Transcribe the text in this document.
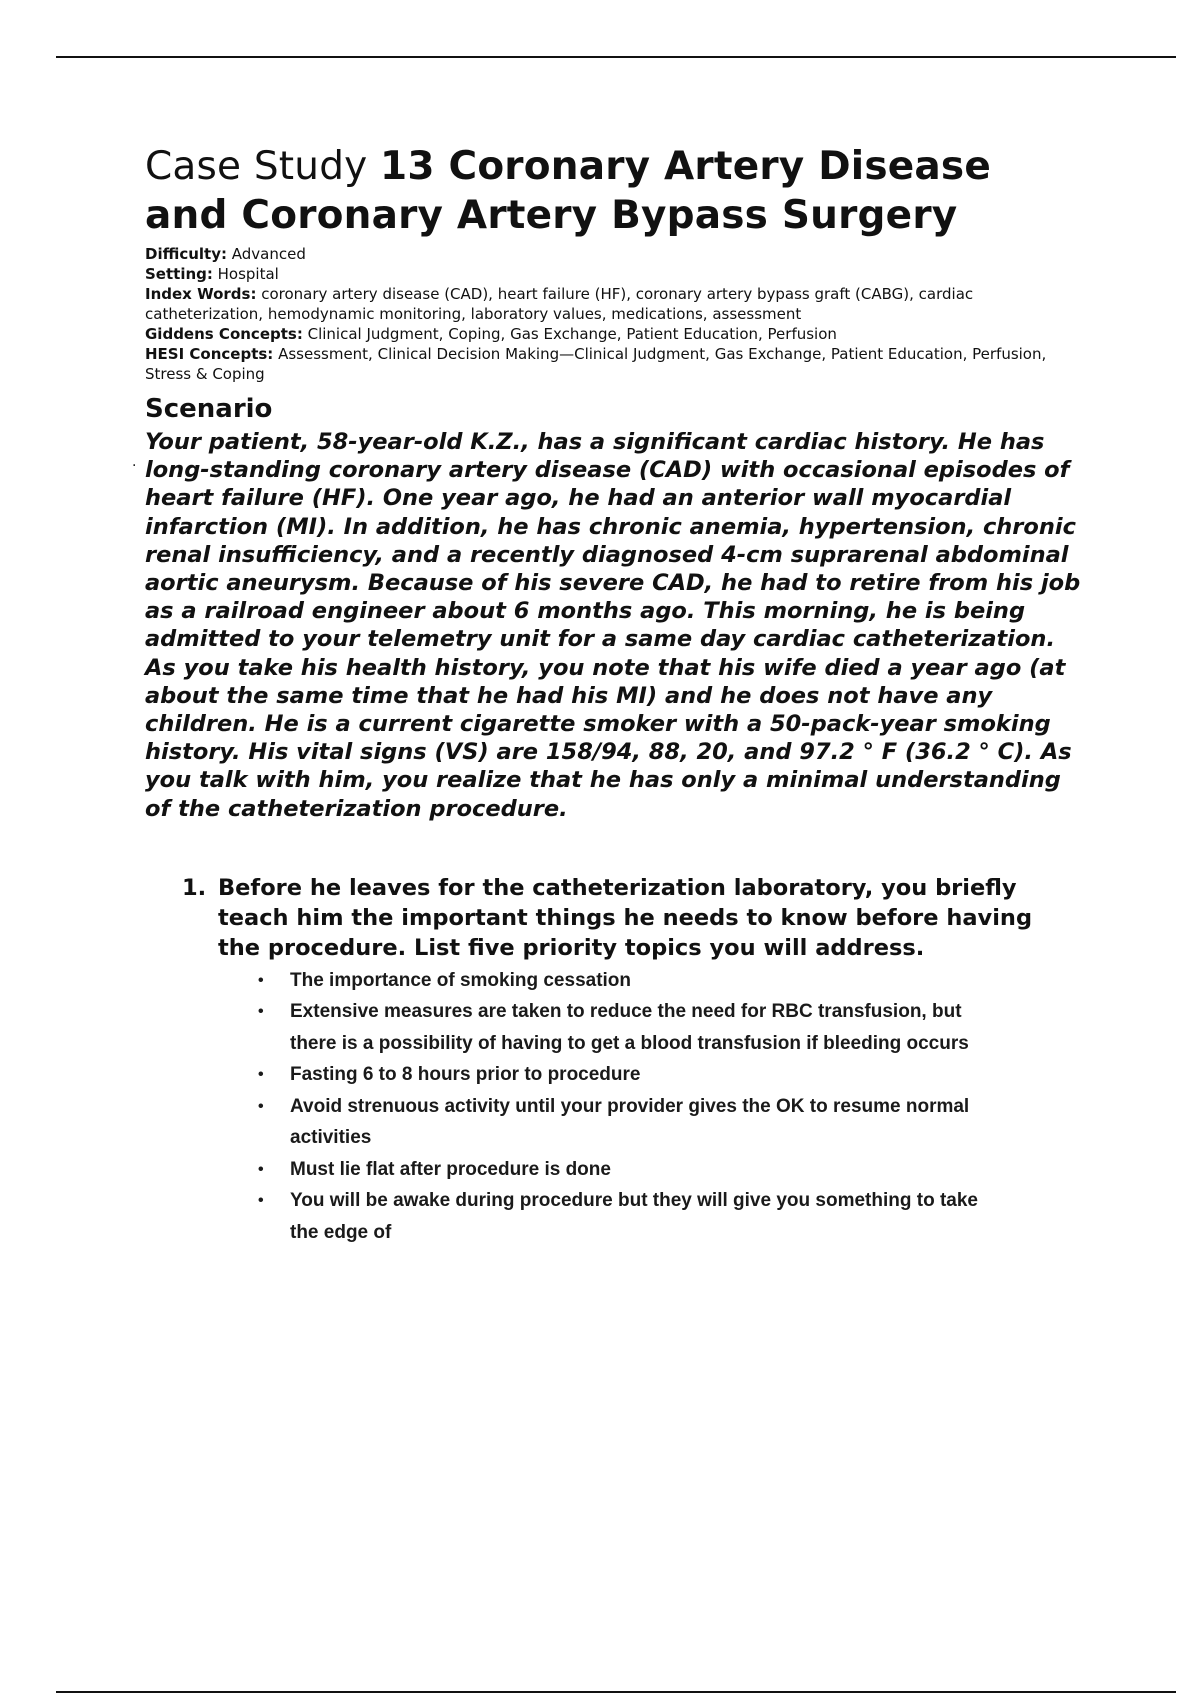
Case Study 13 Coronary Artery Disease and Coronary Artery Bypass Surgery
Difficulty: Advanced
Setting: Hospital
Index Words: coronary artery disease (CAD), heart failure (HF), coronary artery bypass graft (CABG), cardiac
catheterization, hemodynamic monitoring, laboratory values, medications, assessment
Giddens Concepts: Clinical Judgment, Coping, Gas Exchange, Patient Education, Perfusion
HESI Concepts: Assessment, Clinical Decision Making—Clinical Judgment, Gas Exchange, Patient Education, Perfusion,
Stress & Coping
.
Scenario

Your patient, 58-year-old K.Z., has a significant cardiac history. He has long-standing coronary artery disease (CAD) with occasional episodes of heart failure (HF). One year ago, he had an anterior wall myocardial infarction (MI). In addition, he has chronic anemia, hypertension, chronic renal insufficiency, and a recently diagnosed 4-cm suprarenal abdominal aortic aneurysm. Because of his severe CAD, he had to retire from his job as a railroad engineer about 6 months ago. This morning, he is being admitted to your telemetry unit for a same day cardiac catheterization. As you take his health history, you note that his wife died a year ago (at about the same time that he had his MI) and he does not have any children. He is a current cigarette smoker with a 50-pack-year smoking history. His vital signs (VS) are 158/94, 88, 20, and 97.2 ° F (36.2 ° C). As you talk with him, you realize that he has only a minimal understanding of the catheterization procedure.

1. Before he leaves for the catheterization laboratory, you briefly teach him the important things he needs to know before having the procedure. List five priority topics you will address.
• The importance of smoking cessation
• Extensive measures are taken to reduce the need for RBC transfusion, but there is a possibility of having to get a blood transfusion if bleeding occurs
• Fasting 6 to 8 hours prior to procedure
• Avoid strenuous activity until your provider gives the OK to resume normal activities
• Must lie flat after procedure is done
• You will be awake during procedure but they will give you something to take the edge of
